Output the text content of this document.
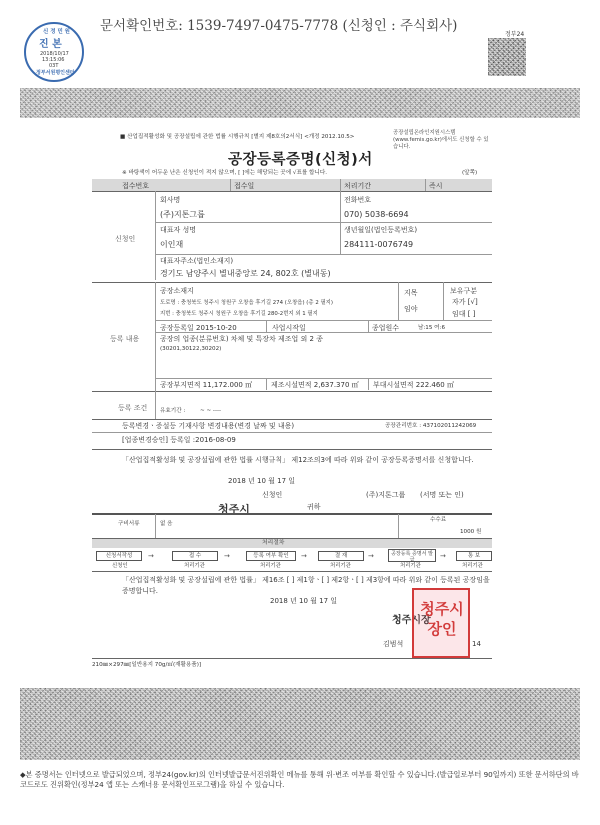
문서확인번호: 1539-7497-0475-7778 (신청인 : 주식회사)
신 정 민 원
진 본
2018/10/17
13:15:06
03T
정부서원평인센터
정부24
■ 산업집적활성화 및 공장설립에 관한 법률 시행규칙 [별지 제8호의2서식] <개정 2012.10.5>
공장설립온라인지원시스템(www.femis.go.kr)에서도 신청할 수 있습니다.
공장등록증명(신청)서
※ 바탕색이 어두운 난은 신청인이 적지 않으며, [ ]에는 해당되는 곳에 √표를 합니다.	(앞쪽)
접수번호	접수일	처리기간	즉시
신청인
회사명
(주)지톤그룹
전화번호
070) 5038-6694
대표자 성명
이인재
생년월일(법인등록번호)
284111-0076749
대표자주소(법인소재지)
경기도 남양주시 별내중앙로 24, 802호 (별내동)
등록 내용
공장소재지
도로명 : 충청북도 청주시 청원구 오창읍 후기길 274 (오창읍) (총 2 필지)
지번 : 충청북도 청주시 청원구 오창읍 후기길 280-2번지 외 1 필지
지목
임야
보유구분
자가 [√]
임대 [ ]
공장등록일 2015-10-20	사업시작일	종업원수	남:15 여:6
공장의 업종(분류번호) 차체 및 특장차 제조업 외 2 종
(30201,30122,30202)
공장부지면적 11,172.000 ㎡	제조시설면적 2,637.370 ㎡ 부대시설면적 222.460 ㎡
등록 조건 유효기간 :	~ ~ ----
등록변경ㆍ증설등 기재사항 변경내용(변경 날짜 및 내용)	공장관리번호 : 437102011242069
[업종변경승인] 등록일 :2016-08-09
「산업집적활성화 및 공장설립에 관한 법률 시행규칙」 제12조의3에 따라 위와 같이 공장등록증명서를 신청합니다.
2018 년 10 월 17 일
신청인	(주)지톤그룹 (서명 또는 인)
청주시	귀하
구비서류	없 음
수수료
1000 원
처리절차
신청서작성	→	접 수	→	등록 여부 확인	→	결 재	→	공장등록 증명서 발급	→	통 보
신청인	처리기관	처리기관	처리기관	처리기관	처리기관
「산업집적활성화 및 공장설립에 관한 법률」 제16조 [ ] 제1항ㆍ[ ] 제2항ㆍ[ ] 제3항에 따라 위와 같이 등록된 공장임을 증명합니다.
2018 년 10 월 17 일
청주시장
청주시 장인
김범석	14
210㎜×297㎜[일반용지 70g/㎡(재활용품)]
◆본 증명서는 인터넷으로 발급되었으며, 정부24(gov.kr)의 인터넷발급문서진위확인 메뉴를 통해 위·변조 여부를 확인할 수 있습니다.(발급일로부터 90일까지) 또한 문서하단의 바코드로도 진위확인(정부24 앱 또는 스캐너용 문서확인프로그램)을 하실 수 있습니다.
